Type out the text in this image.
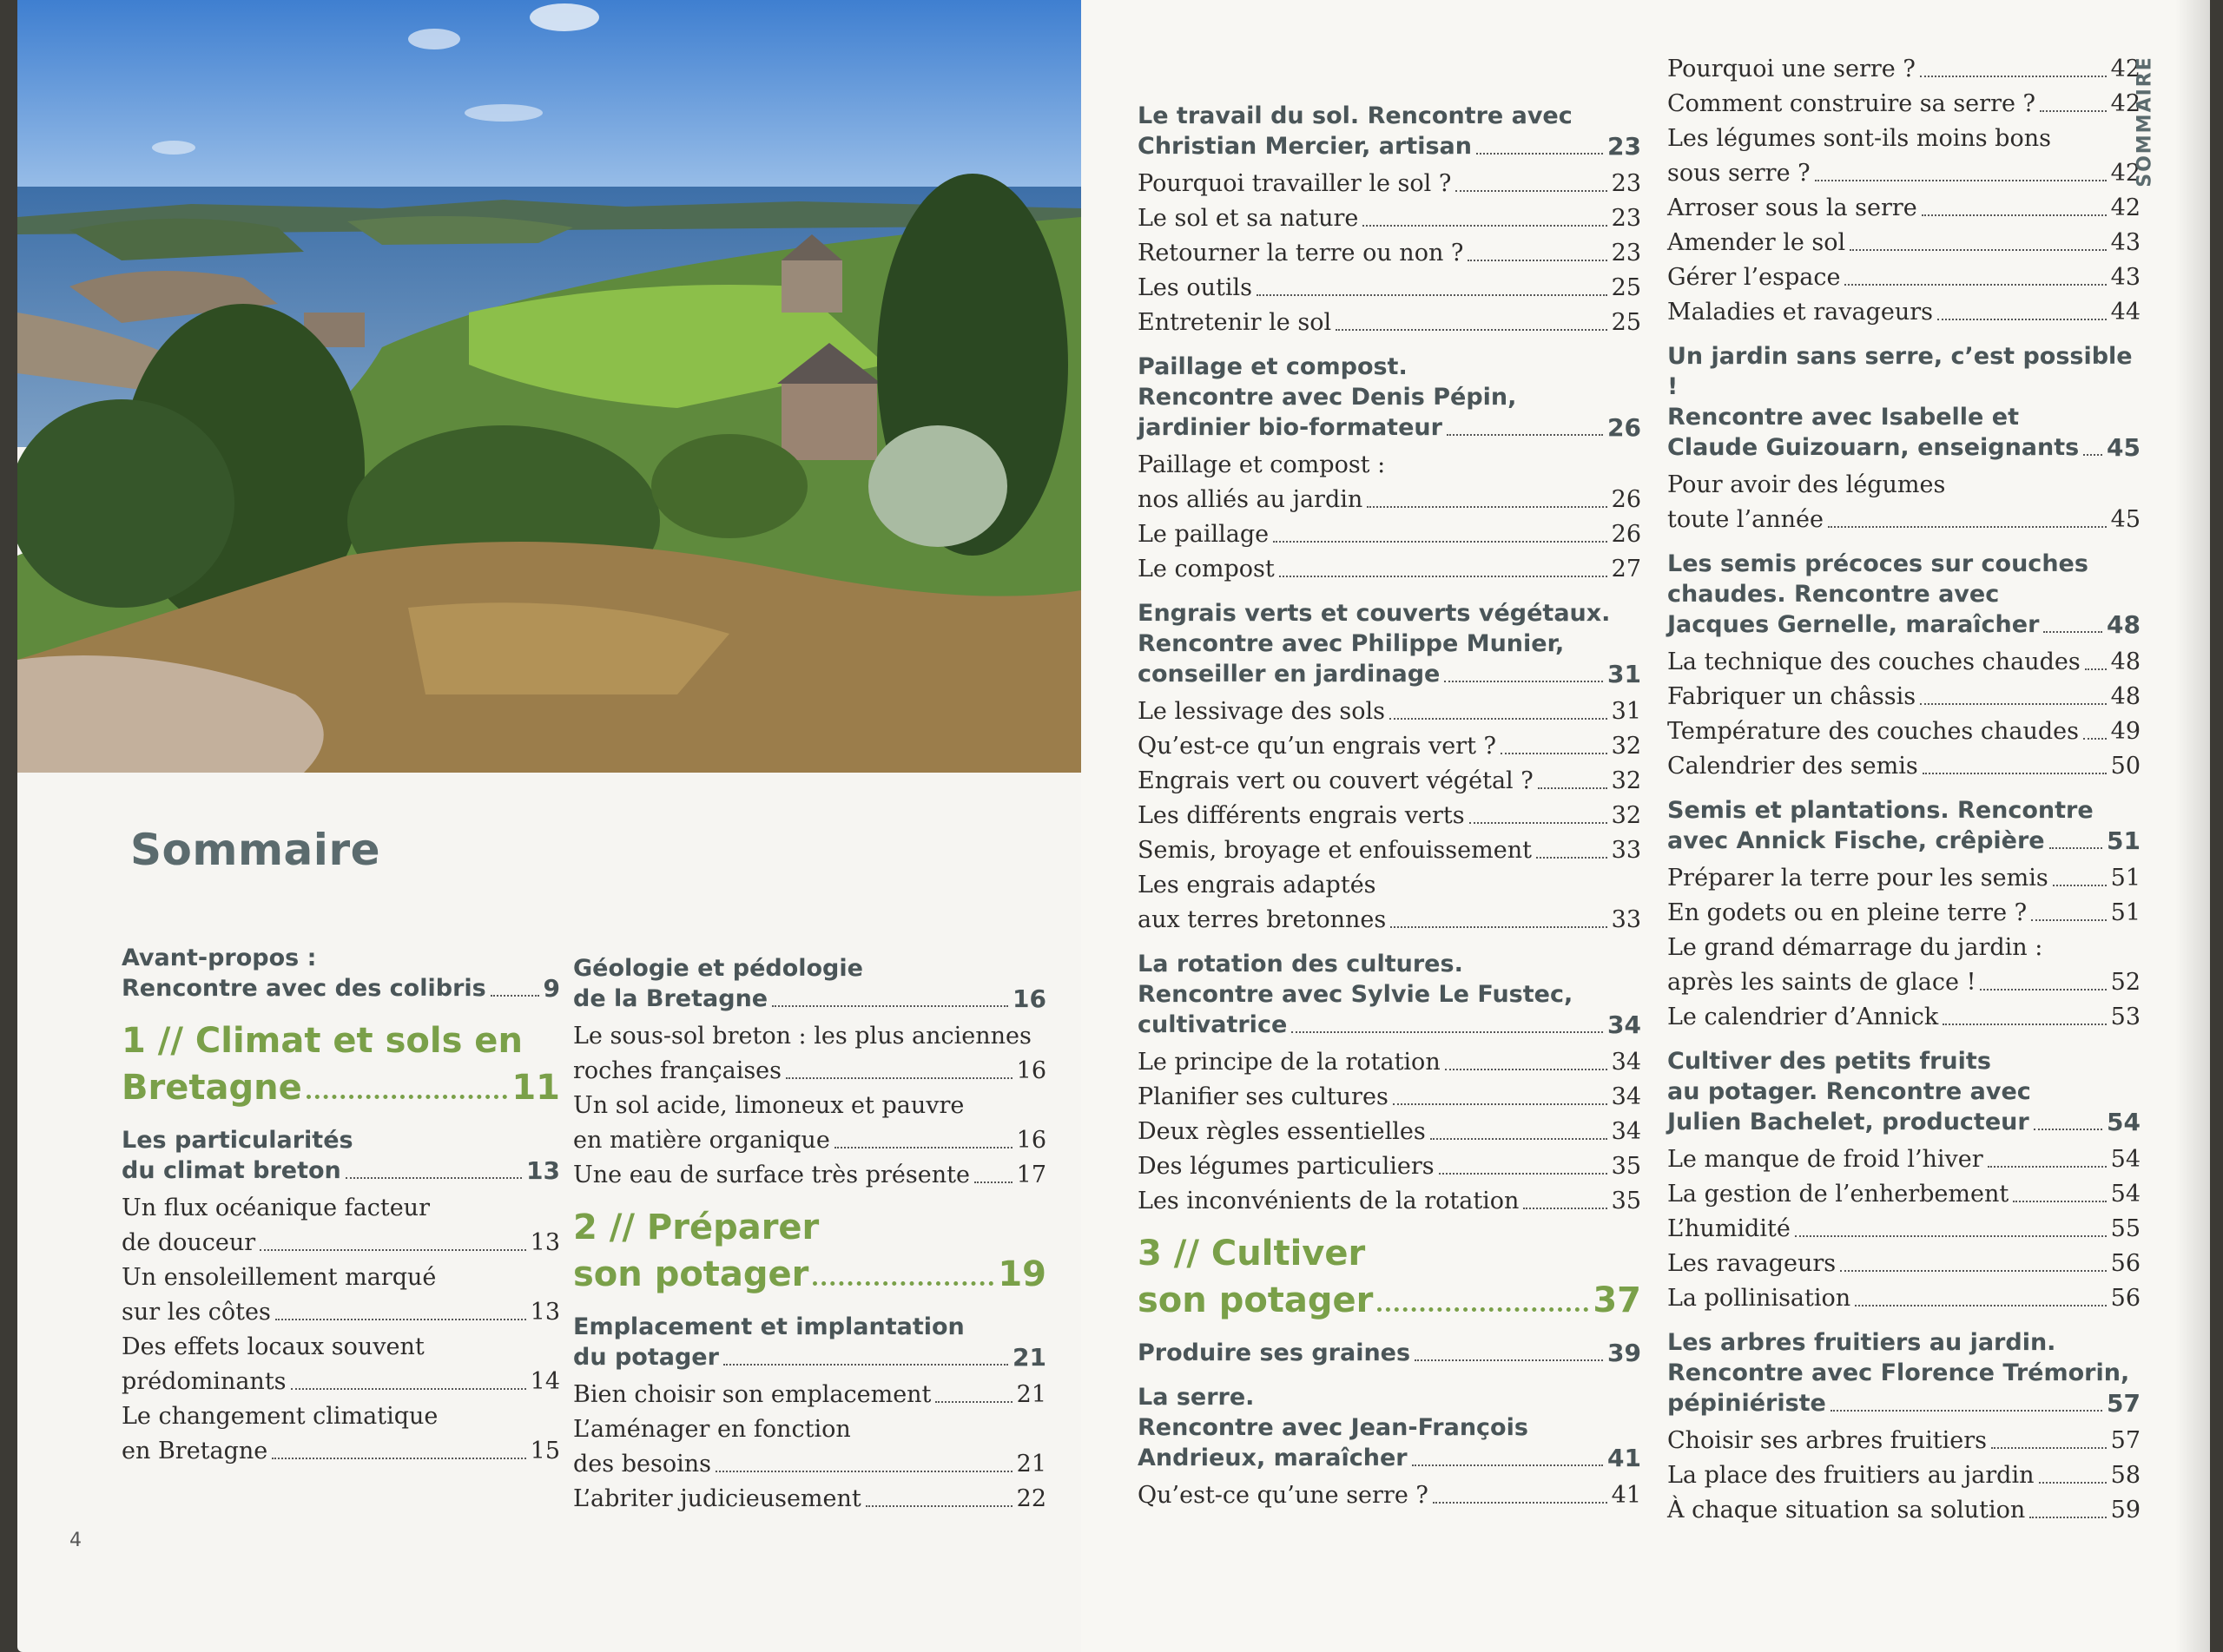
Sommaire
Avant-propos :
Rencontre avec des colibris 9
1 // Climat et sols en
Bretagne	11
Les particularités
du climat breton	13
Un flux océanique facteur
de douceur	13
Un ensoleillement marqué
sur les côtes	13
Des effets locaux souvent
prédominants	14
Le changement climatique
en Bretagne	15
Géologie et pédologie
de la Bretagne	16
Le sous-sol breton : les plus anciennes
roches françaises	16
Un sol acide, limoneux et pauvre
en matière organique	16
Une eau de surface très présente 17
2 // Préparer
son potager	19
Emplacement et implantation
du potager	21
Bien choisir son emplacement	21
L’aménager en fonction
des besoins	21
L’abriter judicieusement	22
4
Le travail du sol. Rencontre avec
Christian Mercier, artisan	23
Pourquoi travailler le sol ?	23
Le sol et sa nature	23
Retourner la terre ou non ?	23
Les outils	25
Entretenir le sol	25
Paillage et compost.
Rencontre avec Denis Pépin,
jardinier bio-formateur	26
Paillage et compost :
nos alliés au jardin	26
Le paillage	26
Le compost	27
Engrais verts et couverts végétaux.
Rencontre avec Philippe Munier,
conseiller en jardinage	31
Le lessivage des sols	31
Qu’est-ce qu’un engrais vert ?	32
Engrais vert ou couvert végétal ?	32
Les différents engrais verts	32
Semis, broyage et enfouissement	33
Les engrais adaptés
aux terres bretonnes	33
La rotation des cultures.
Rencontre avec Sylvie Le Fustec,
cultivatrice	34
Le principe de la rotation	34
Planifier ses cultures	34
Deux règles essentielles	34
Des légumes particuliers	35
Les inconvénients de la rotation	35
3 // Cultiver
son potager	37
Produire ses graines	39
La serre.
Rencontre avec Jean-François
Andrieux, maraîcher	41
Qu’est-ce qu’une serre ?	41
Pourquoi une serre ?	42
Comment construire sa serre ?	42
Les légumes sont-ils moins bons
sous serre ?	42
Arroser sous la serre	42
Amender le sol	43
Gérer l’espace	43
Maladies et ravageurs	44
Un jardin sans serre, c’est possible !
Rencontre avec Isabelle et
Claude Guizouarn, enseignants 45
Pour avoir des légumes
toute l’année	45
Les semis précoces sur couches
chaudes. Rencontre avec
Jacques Gernelle, maraîcher	48
La technique des couches chaudes 48
Fabriquer un châssis	48
Température des couches chaudes 49
Calendrier des semis	50
Semis et plantations. Rencontre
avec Annick Fische, crêpière	51
Préparer la terre pour les semis	51
En godets ou en pleine terre ?	51
Le grand démarrage du jardin :
après les saints de glace !	52
Le calendrier d’Annick	53
Cultiver des petits fruits
au potager. Rencontre avec
Julien Bachelet, producteur	54
Le manque de froid l’hiver	54
La gestion de l’enherbement	54
L’humidité	55
Les ravageurs	56
La pollinisation	56
Les arbres fruitiers au jardin.
Rencontre avec Florence Trémorin,
pépiniériste	57
Choisir ses arbres fruitiers	57
La place des fruitiers au jardin	58
À chaque situation sa solution	59
SOMMAIRE
